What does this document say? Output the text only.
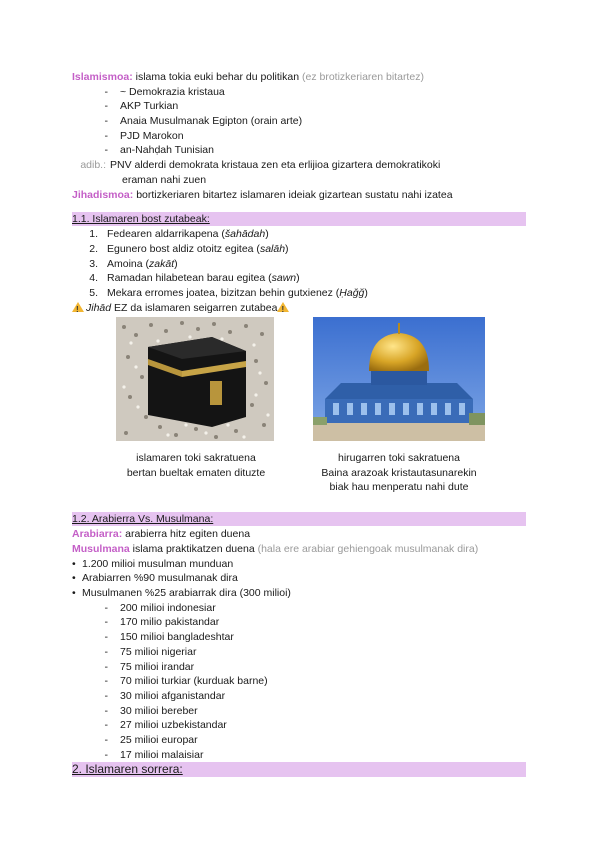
Islamismoa: islama tokia euki behar du politikan (ez brotizkeriaren bitartez)
- ~ Demokrazia kristaua
- AKP Turkian
- Anaia Musulmanak Egipton (orain arte)
- PJD Marokon
- an-Nahḍah Tunisian
adib.: PNV alderdi demokrata kristaua zen eta erlijioa gizartera demokratikoki
eraman nahi zuen
Jihadismoa: bortizkeriaren bitartez islamaren ideiak gizartean sustatu nahi izatea
1.1. Islamaren bost zutabeak:
1. Fedearen aldarrikapena (šahādah)
2. Egunero bost aldiz otoitz egitea (salāh)
3. Amoina (zakāt)
4. Ramadan hilabetean barau egitea (sawn)
5. Mekara erromes joatea, bizitzan behin gutxienez (Ḥağğ)
!Jihād EZ da islamaren seigarren zutabea!
islamaren toki sakratuena
bertan bueltak ematen dituzte
hirugarren toki sakratuena
Baina arazoak kristautasunarekin
biak hau menperatu nahi dute
1.2. Arabierra Vs. Musulmana:
Arabiarra: arabierra hitz egiten duena
Musulmana islama praktikatzen duena (hala ere arabiar gehiengoak musulmanak dira)
• 1.200 milioi musulman munduan
• Arabiarren %90 musulmanak dira
• Musulmanen %25 arabiarrak dira (300 milioi)
- 200 milioi indonesiar
- 170 milio pakistandar
- 150 milioi bangladeshtar
- 75 milioi nigeriar
- 75 milioi irandar
- 70 milioi turkiar (kurduak barne)
- 30 milioi afganistandar
- 30 milioi bereber
- 27 milioi uzbekistandar
- 25 milioi europar
- 17 milioi malaisiar
2. Islamaren sorrera:
